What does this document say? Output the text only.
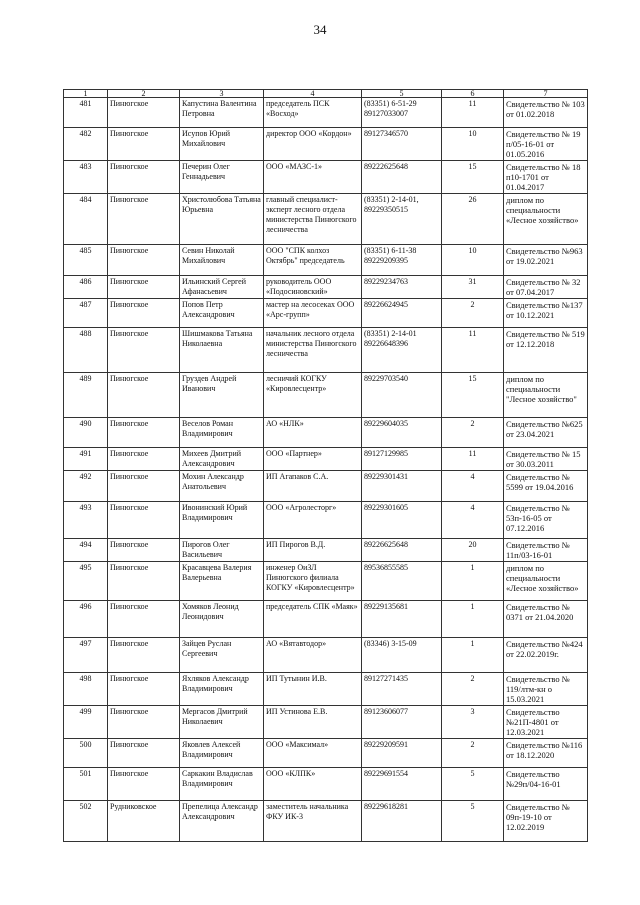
34
1	2	3	4	5	6	7
481	Пинюгское	Капустина Валентина Петровна	председатель ПСК «Восход»	(83351) 6-51-29 89127033007	11	Свидетельство № 103 от 01.02.2018
482	Пинюгское	Исупов Юрий Михайлович	директор ООО «Кордон»	89127346570	10	Свидетельство № 19 п/05-16-01 от 01.05.2016
483	Пинюгское	Печерин Олег Геннадьевич	ООО «МАЗС-1»	89222625648	15	Свидетельство № 18 п10-1701 от 01.04.2017
484	Пинюгское	Христолюбова Татьяна Юрьевна	главный специалист-эксперт лесного отдела министерства Пинюгского лесничества	(83351) 2-14-01, 89229350515	26	диплом по специальности «Лесное хозяйство»
485	Пинюгское	Севин Николай Михайлович	ООО "СПК колхоз Октябрь" председатель	(83351) 6-11-38 89229209395	10	Свидетельство №963 от 19.02.2021
486	Пинюгское	Ильинский Сергей Афанасьевич	руководитель ООО «Подосиновский»	89229234763	31	Свидетельство № 32 от 07.04.2017
487	Пинюгское	Попов Петр Александрович	мастер на лесосеках ООО «Арс-групп»	89226624945	2	Свидетельство №137 от 10.12.2021
488	Пинюгское	Шишмакова Татьяна Николаевна	начальник лесного отдела министерства Пинюгского лесничества	(83351) 2-14-01 89226648396	11	Свидетельство № 519 от 12.12.2018
489	Пинюгское	Груздев Андрей Иванович	лесничий КОГКУ «Кировлесцентр»	89229703540	15	диплом по специальности "Лесное хозяйство"
490	Пинюгское	Веселов Роман Владимирович	АО «НЛК»	89229604035	2	Свидетельство №625 от 23.04.2021
491	Пинюгское	Михеев Дмитрий Александрович	ООО «Партнер»	89127129985	11	Свидетельство № 15 от 30.03.2011
492	Пинюгское	Мохин Александр Анатольевич	ИП Агапаков С.А.	89229301431	4	Свидетельство № 5599 от 19.04.2016
493	Пинюгское	Ивонинский Юрий Владимирович	ООО «Агролесторг»	89229301605	4	Свидетельство № 53п-16-05 от 07.12.2016
494	Пинюгское	Пирогов Олег Васильевич	ИП Пирогов В.Д.	89226625648	20	Свидетельство № 11п/03-16-01
495	Пинюгское	Красавцева Валерия Валерьевна	инженер ОиЗЛ Пинюгского филиала КОГКУ «Кировлесцентр»	89536855585	1	диплом по специальности «Лесное хозяйство»
496	Пинюгское	Хомяков Леонид Леонидович	председатель СПК «Маяк»	89229135681	1	Свидетельство № 0371 от 21.04.2020
497	Пинюгское	Зайцев Руслан Сергеевич	АО «Вятавтодор»	(83346) 3-15-09	1	Свидетельство №424 от 22.02.2019г.
498	Пинюгское	Яхляков Александр Владимирович	ИП Тутынин И.В.	89127271435	2	Свидетельство № 119/лтм-кн о 15.03.2021
499	Пинюгское	Мергасов Дмитрий Николаевич	ИП Устинова Е.В.	89123606077	3	Свидетельство №21П-4801 от 12.03.2021
500	Пинюгское	Яковлев Алексей Владимирович	ООО «Максимал»	89229209591	2	Свидетельство №116 от 18.12.2020
501	Пинюгское	Саркакин Владислав Владимирович	ООО «КЛПК»	89229691554	5	Свидетельство №29п/04-16-01
502	Рудниковское	Препелица Александр Александрович	заместитель начальника ФКУ ИК-3	89229618281	5	Свидетельство № 09п-19-10 от 12.02.2019
